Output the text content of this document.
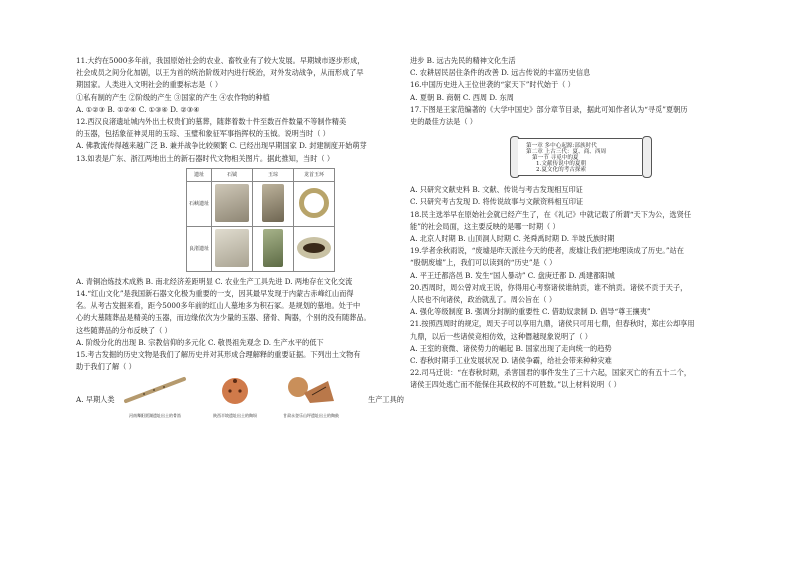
11.大约在5000多年前，我国原始社会的农业、畜牧业有了较大发展。早期城市逐步形成，
社会成员之间分化加剧，以王为首的统治阶级对内进行统治，对外发动战争，从而形成了早
期国家。人类进入文明社会的重要标志是（ ）
①私有制的产生 ②阶级的产生 ③国家的产生 ④农作物的种植
A. ①②③ B. ①②④ C. ①③④ D. ②③④
12.西汉良渚遗址城内外出土权贵们的墓葬，随葬着数十件至数百件数量不等制作精美
的玉器，包括象征神灵用的玉琮、玉璧和象征军事指挥权的玉钺。说明当时（ ）
A. 佛教流传得越来越广泛 B. 兼并战争比较频繁 C. 已经出现早期国家 D. 封建制度开始萌芽
13.如表是广东、浙江两地出土的新石器时代文物相关图片。据此推知，当时（ ）
遗址	石钺	玉琮	龙首玉环
石峡遗址			
良渚遗址			
A. 青铜冶炼技术成熟 B. 南北经济差距明显 C. 农业生产工具先进 D. 两地存在文化交流
14.“红山文化”是我国新石器文化极为重要的一支，因其最早发现于内蒙古赤峰红山而得
名。从考古发掘来看，距今5000多年前的红山人墓地多为积石冢。是规划的墓地。处于中
心的大墓随葬品是精美的玉器，而边缘依次为少量的玉器、猪骨、陶器，个别的没有随葬品。
这些随葬品的分布反映了（ ）
A. 阶级分化的出现 B. 宗教信仰的多元化 C. 敬畏祖先观念 D. 生产水平的低下
15.考古发掘的历史文物是我们了解历史并对其形成合理解释的重要证据。下列出土文物有
助于我们了解（ ）
A. 早期人类
河南舞阳贾湖遗址出土的骨笛	陕西半坡遗址出土的陶埙	甘肃永登乐山坪遗址出土的陶鼓
生产工具的
进步 B. 远古先民的精神文化生活
C. 农耕居民居住条件的改善 D. 远古传说的丰富历史信息
16.中国历史进入王位世袭的“家天下”时代始于（ ）
A. 夏朝 B. 商朝 C. 西周 D. 东周
17.下图是王家范编著的《大学中国史》部分章节目录，据此可知作者认为“寻觅”夏朝历
史的最佳方法是（ ）
第一章 多中心起源:部族时代
第二章 上古三代：夏、商、西周
第一节 寻觅中的夏
1.文献传说中的夏朝
2.夏文化的考古探索
A. 只研究文献史料 B. 文献、传说与考古发现相互印证
C. 只研究考古发现 D. 将传说故事与文献资料相互印证
18.民主选举早在原始社会就已经产生了，在《礼记》中就记载了所谓“天下为公，选贤任
能”的社会局面，这主要反映的是哪一时期（ ）
A. 北京人时期 B. 山顶洞人时期 C. 尧舜禹时期 D. 半坡氏族时期
19.学者余秋雨说，“废墟是昨天派往今天的使者，废墟让我们把地理读成了历史。”站在
“殷朝废墟”上，我们可以读到的“历史”是（ ）
A. 平王迁都洛邑 B. 发生“国人暴动” C. 盘庚迁都 D. 禹建都阳城
20.西周时，周公曾对成王说，你得用心考察诸侯谁纳贡，谁不纳贡。诸侯不贡于天子，
人民也不向诸侯，政治就乱了。周公旨在（ ）
A. 强化等级制度 B. 强调分封制的重要性 C. 借助奴隶制 D. 倡导“尊王攘夷”
21.按照西周时的规定，周天子可以享用九鼎，诸侯只可用七鼎，但春秋时，郑庄公却享用
九鼎，以后一些诸侯竞相仿效，这种僭越现象说明了（ ）
A. 王室的衰微、诸侯势力的崛起 B. 国家出现了走向统一的趋势
C. 春秋时期手工业发展状况 D. 诸侯争霸，给社会带来种种灾难
22.司马迁说：“在春秋时期，杀害国君的事件发生了三十六起，国家灭亡的有五十二个，
诸侯王四处逃亡而不能保住其政权的不可胜数。”以上材料说明（ ）
